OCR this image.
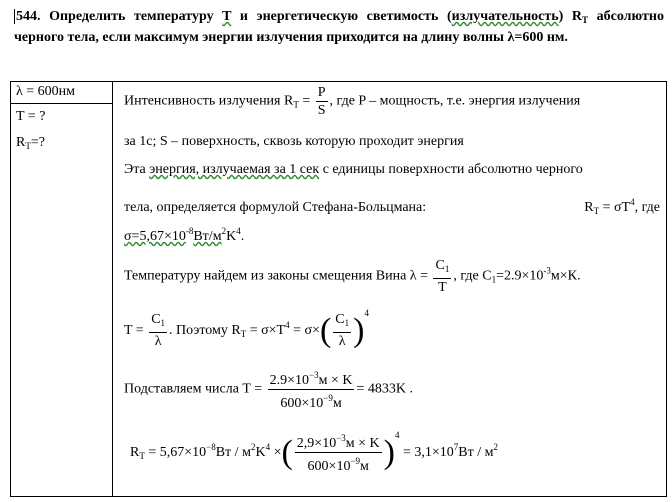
544. Определить температуру T и энергетическую светимость (излучательность) $R_T$ абсолютно черного тела, если максимум энергии излучения приходится на длину волны λ=600 нм.
λ = 600нм
T = ?
$R_T=$?
Интенсивность излучения $R_T = \frac{P}{S}$ , где P – мощность, т.е. энергия излучения
за 1с; S – поверхность, сквозь которую проходит энергия
Эта энергия, излучаемая за 1 сек с единицы поверхности абсолютно черного
тела, определяется формулой Стефана-Больцмана:	$R_T = \sigma T^4$, где
$\sigma=5,67\times 10^{-8}Вт/м^2K^4$.
Температуру найдем из законы смещения Вина $\lambda = \frac{C_1}{T}$ , где $C_1=2.9\times 10^{-3}м\times К$.
$T = \frac{C_1}{\lambda}$ . Поэтому $R_T = \sigma\times T^4 = \sigma\times( \frac{C_1}{\lambda} )^4$
Подставляем числа $T = \frac{2.9\times 10^{-3}м \times K}{600\times 10^{-9}м} = 4833K$ .
$R_T = 5,67\times 10^{-8}Вт / м^2K^4$ ×( $\frac{2,9\times 10^{-3}м \times K}{600\times 10^{-9}м} )^4 = 3,1\times 10^7Вт / м^2$
